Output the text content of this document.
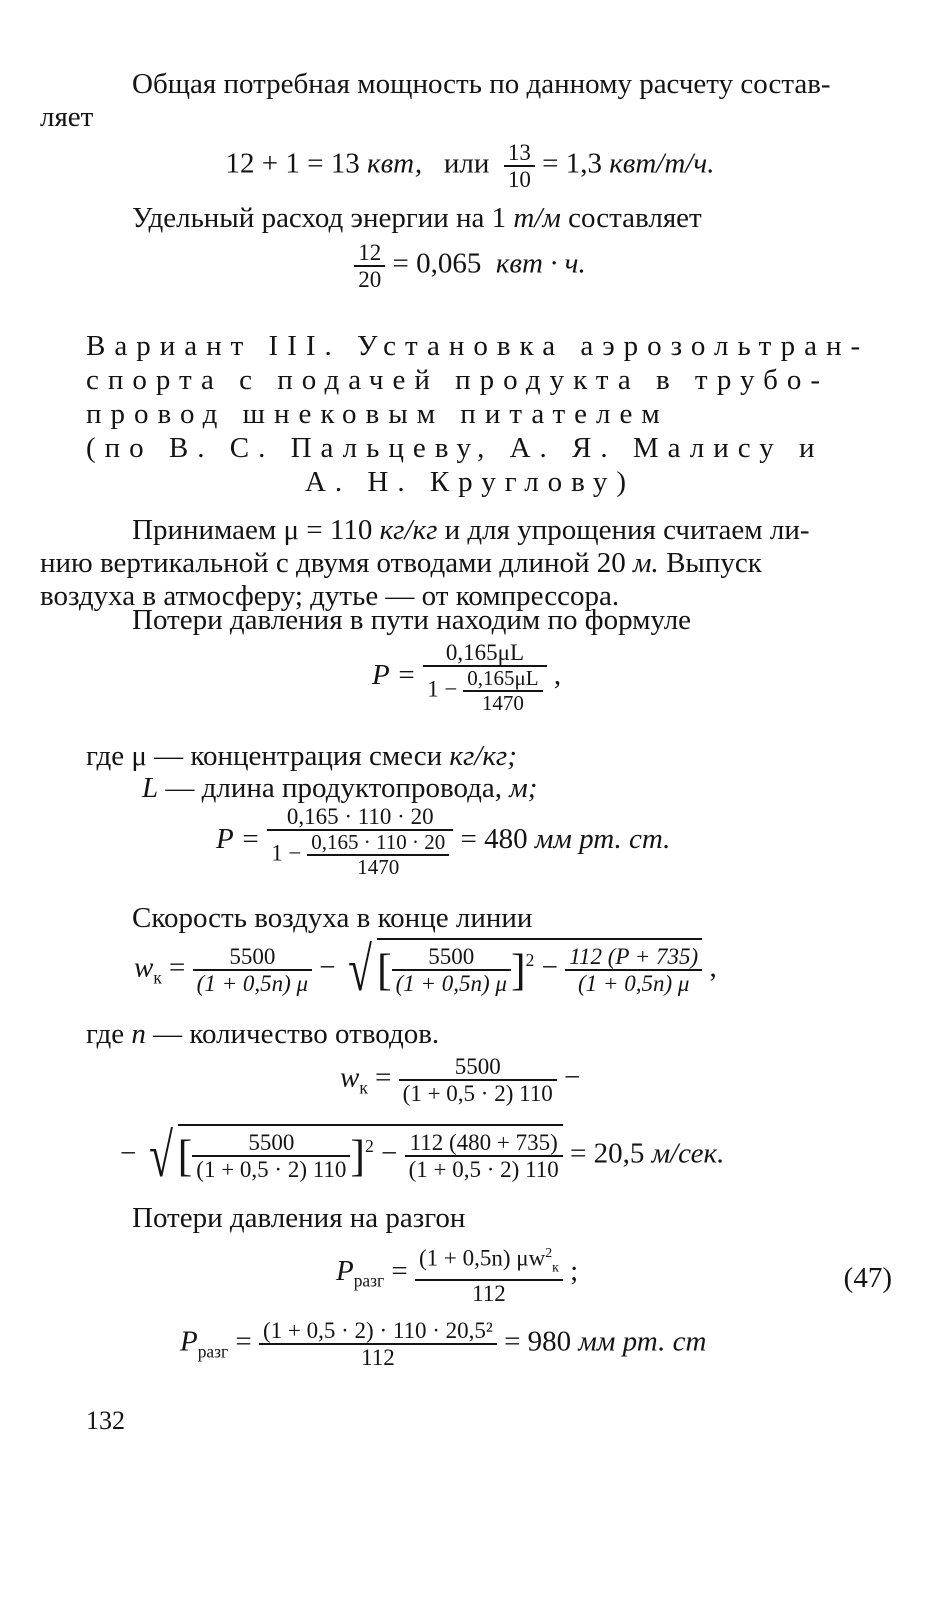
Общая потребная мощность по данному расчету состав-
ляет
12 + 1 = 13 квт, или $\frac{13}{10} = 1,3$ квт/т/ч.
Удельный расход энергии на 1 т/м составляет
$\frac{12}{20} = 0,065$ квт · ч.
Вариант III. Установка аэрозольтран-
спорта с подачей продукта в трубо-
провод шнековым питателем
(по В. С. Пальцеву, А. Я. Малису и
А. Н. Круглову)
Принимаем μ = 110 кг/кг и для упрощения считаем ли-
нию вертикальной с двумя отводами длиной 20 м. Выпуск
воздуха в атмосферу; дутье — от компрессора.
Потери давления в пути находим по формуле
$P = \frac{0,165\mu L}{1 - \frac{0,165\mu L}{1470}}$ ,
где μ — концентрация смеси кг/кг;
L — длина продуктопровода, м;
$P = \frac{0,165 \cdot 110 \cdot 20}{1 - \frac{0,165 \cdot 110 \cdot 20}{1470}} = 480$ мм рт. ст.
Скорость воздуха в конце линии
$w_к = \frac{5500}{(1 + 0,5n) \mu}$ − √ [ $\frac{5500}{(1 + 0,5n) \mu} ]^2 - \frac{112 (P + 735)}{(1 + 0,5n) \mu}$ ,
где n — количество отводов.
$w_к = \frac{5500}{(1 + 0,5 \cdot 2) 110}$ −
− √ [ $\frac{5500}{(1 + 0,5 \cdot 2) 110} ]^2 - \frac{112 (480 + 735)}{(1 + 0,5 \cdot 2) 110} = 20,5$ м/сек.
Потери давления на разгон
$P_{разг} = \frac{(1 + 0,5n) \mu w^2_к}{112}$ ;	(47)
$P_{разг} = \frac{\text{(1 + 0,5 · 2) · 110 · 20,5²}}{112} = 980$ мм рт. ст
132
